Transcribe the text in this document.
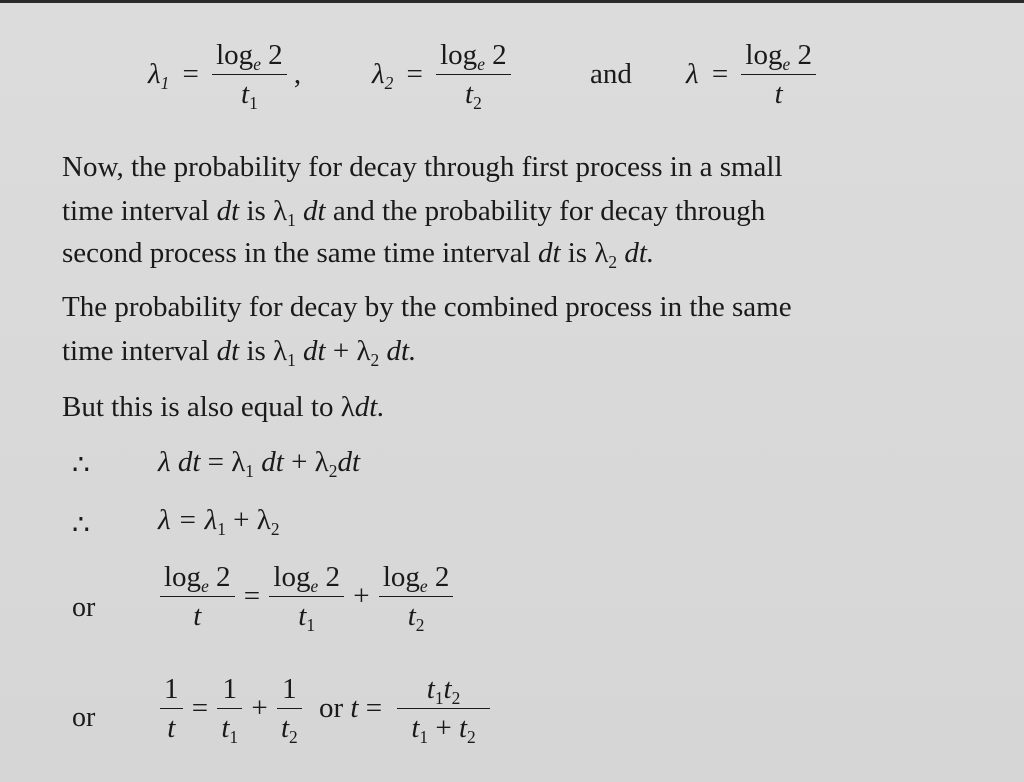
$\lambda_1 = \frac{\log_e 2}{t_1}$ , $\lambda_2 = \frac{\log_e 2}{t_2}$	and $\lambda = \frac{\log_e 2}{t}$
Now, the probability for decay through first process in a small
time interval dt is $\lambda_1$ dt and the probability for decay through
second process in the same time interval dt is $\lambda_2$ dt.
The probability for decay by the combined process in the same
time interval dt is $\lambda_1$ dt + $\lambda_2$ dt.
But this is also equal to λdt.
∴ λ dt = $\lambda_1$ dt + $\lambda_2dt$
∴ $\lambda = \lambda_1 + \lambda_2$
or $\frac{\log_e 2}{t} = \frac{\log_e 2}{t_1} + \frac{\log_e 2}{t_2}$
or $\frac{1}{t} = \frac{1}{t_1} + \frac{1}{t_2}$ or $t = \frac{t_1t_2}{t_1 + t_2}$
